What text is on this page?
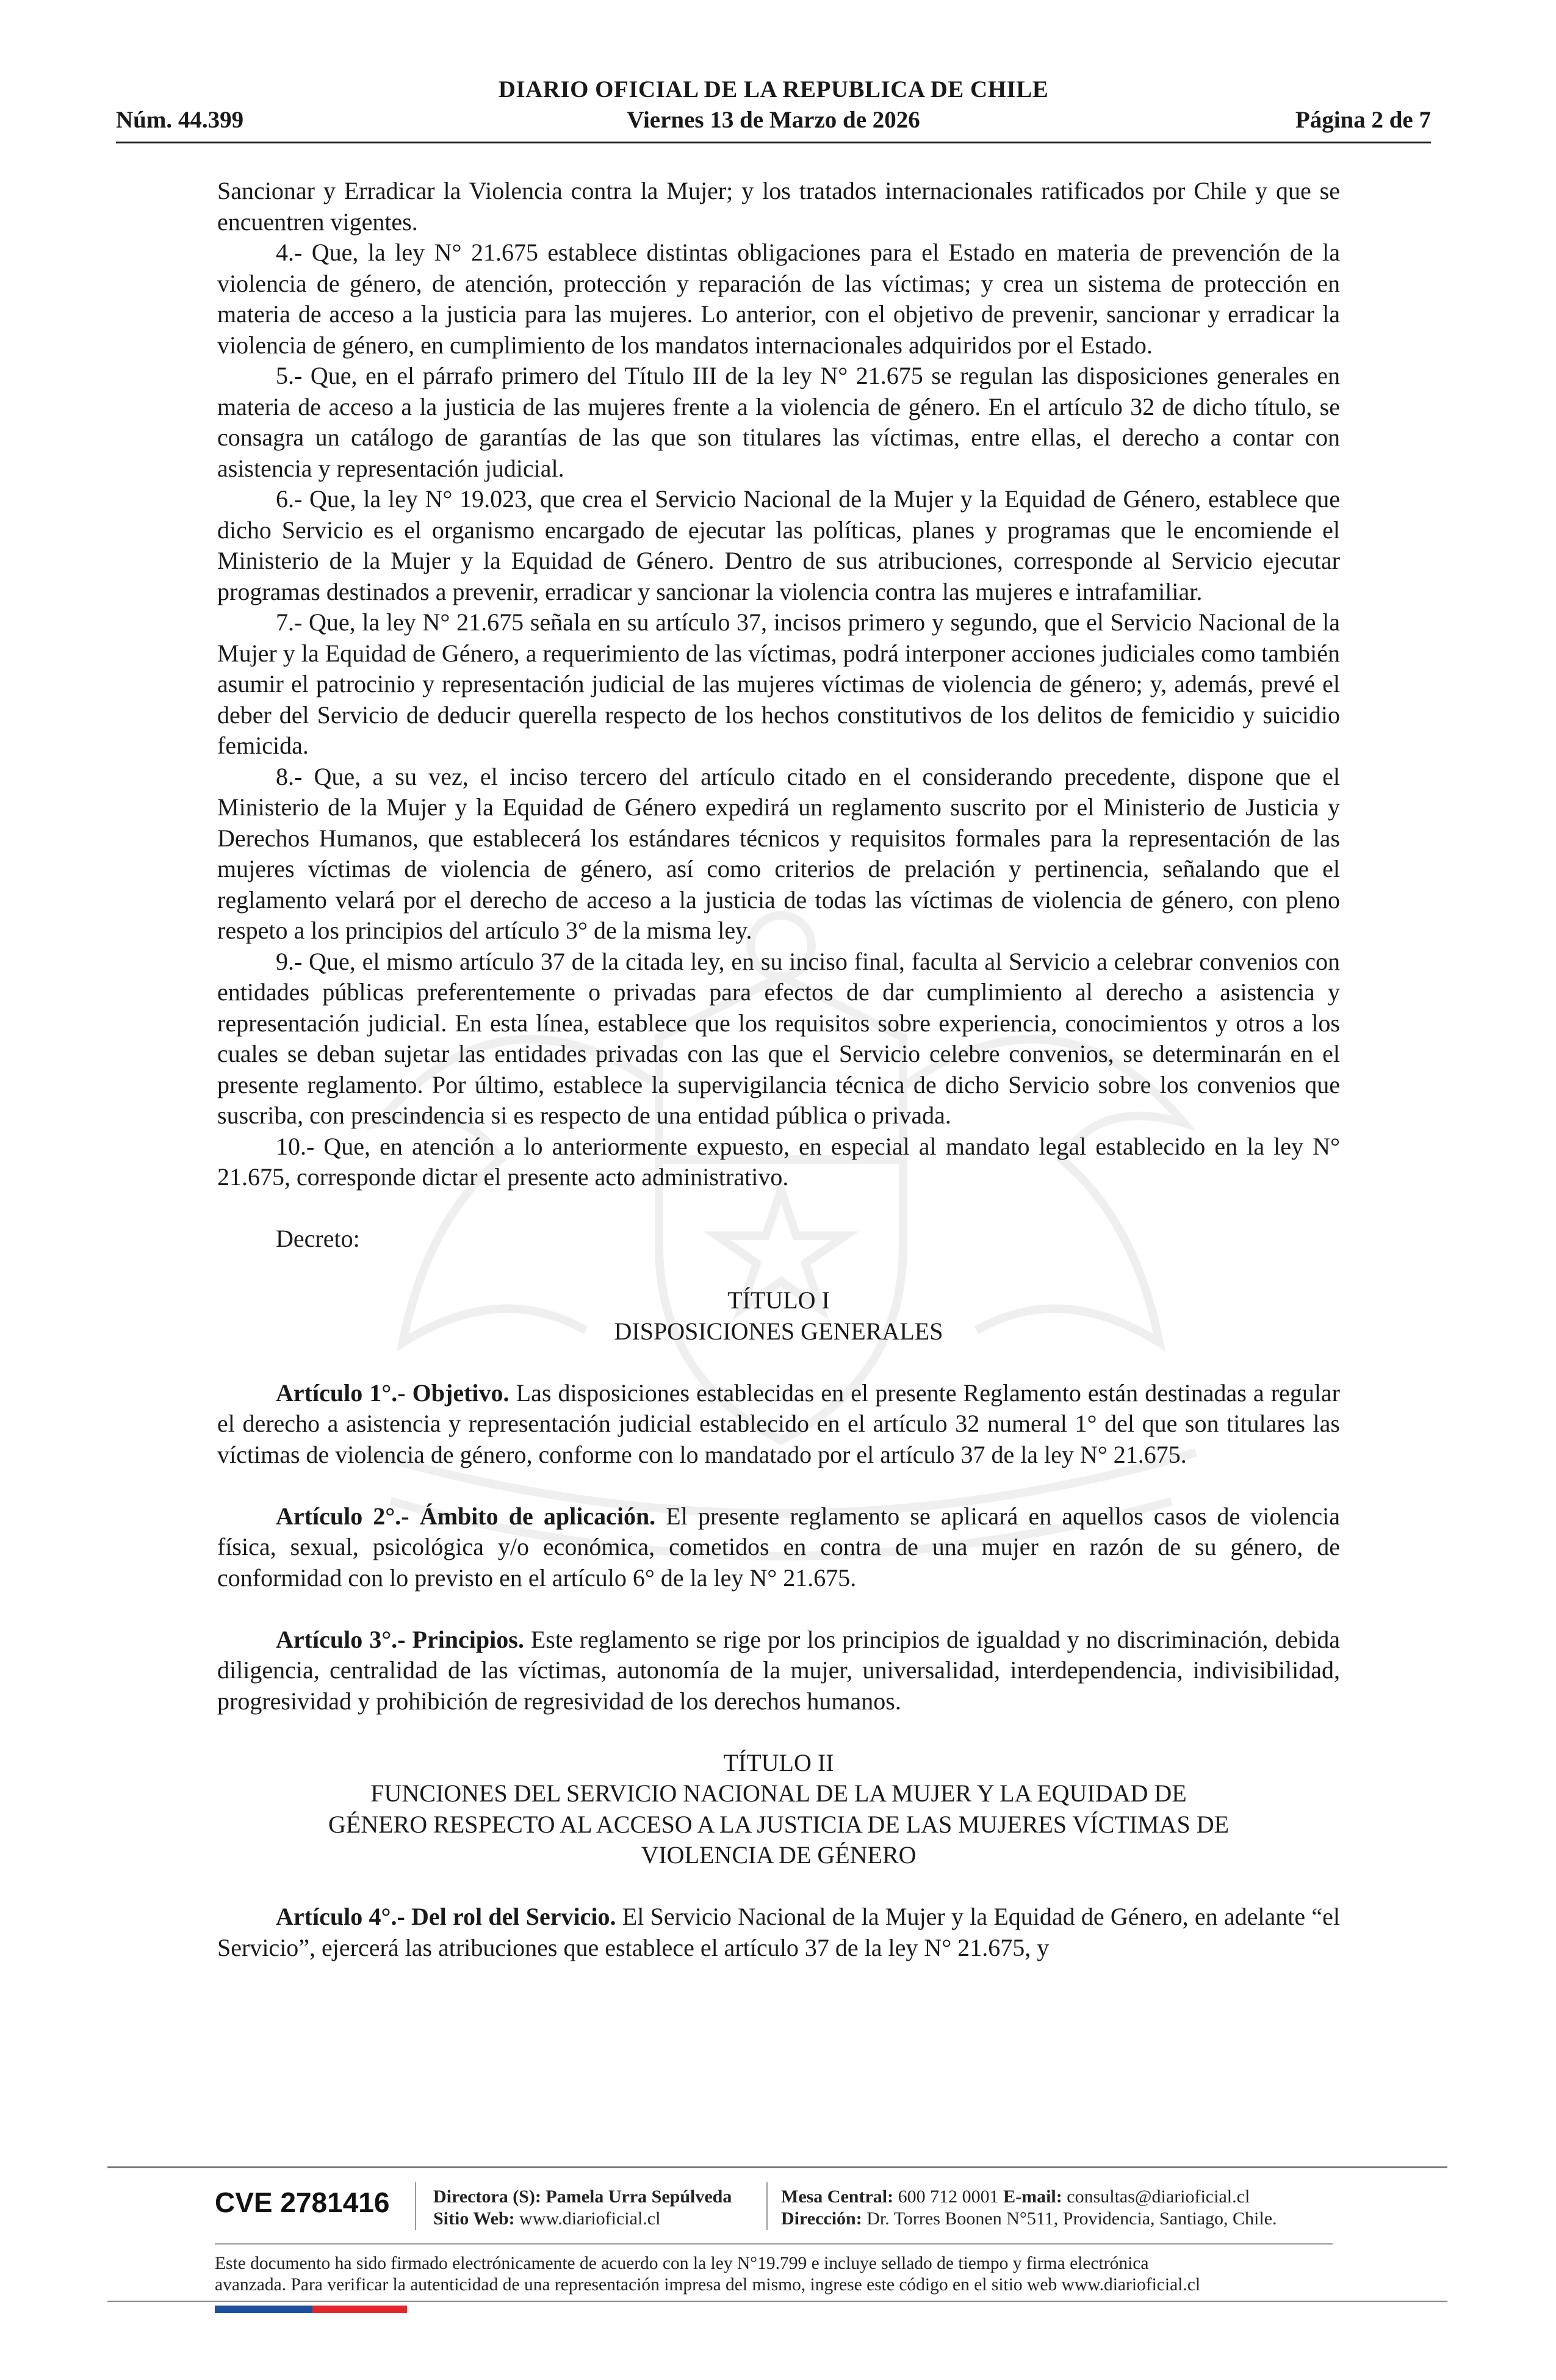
DIARIO OFICIAL DE LA REPUBLICA DE CHILE
Núm. 44.399	Viernes 13 de Marzo de 2026	Página 2 de 7

Sancionar y Erradicar la Violencia contra la Mujer; y los tratados internacionales ratificados por Chile y que se encuentren vigentes.

4.- Que, la ley N° 21.675 establece distintas obligaciones para el Estado en materia de prevención de la violencia de género, de atención, protección y reparación de las víctimas; y crea un sistema de protección en materia de acceso a la justicia para las mujeres. Lo anterior, con el objetivo de prevenir, sancionar y erradicar la violencia de género, en cumplimiento de los mandatos internacionales adquiridos por el Estado.

5.- Que, en el párrafo primero del Título III de la ley N° 21.675 se regulan las disposiciones generales en materia de acceso a la justicia de las mujeres frente a la violencia de género. En el artículo 32 de dicho título, se consagra un catálogo de garantías de las que son titulares las víctimas, entre ellas, el derecho a contar con asistencia y representación judicial.

6.- Que, la ley N° 19.023, que crea el Servicio Nacional de la Mujer y la Equidad de Género, establece que dicho Servicio es el organismo encargado de ejecutar las políticas, planes y programas que le encomiende el Ministerio de la Mujer y la Equidad de Género. Dentro de sus atribuciones, corresponde al Servicio ejecutar programas destinados a prevenir, erradicar y sancionar la violencia contra las mujeres e intrafamiliar.

7.- Que, la ley N° 21.675 señala en su artículo 37, incisos primero y segundo, que el Servicio Nacional de la Mujer y la Equidad de Género, a requerimiento de las víctimas, podrá interponer acciones judiciales como también asumir el patrocinio y representación judicial de las mujeres víctimas de violencia de género; y, además, prevé el deber del Servicio de deducir querella respecto de los hechos constitutivos de los delitos de femicidio y suicidio femicida.

8.- Que, a su vez, el inciso tercero del artículo citado en el considerando precedente, dispone que el Ministerio de la Mujer y la Equidad de Género expedirá un reglamento suscrito por el Ministerio de Justicia y Derechos Humanos, que establecerá los estándares técnicos y requisitos formales para la representación de las mujeres víctimas de violencia de género, así como criterios de prelación y pertinencia, señalando que el reglamento velará por el derecho de acceso a la justicia de todas las víctimas de violencia de género, con pleno respeto a los principios del artículo 3° de la misma ley.

9.- Que, el mismo artículo 37 de la citada ley, en su inciso final, faculta al Servicio a celebrar convenios con entidades públicas preferentemente o privadas para efectos de dar cumplimiento al derecho a asistencia y representación judicial. En esta línea, establece que los requisitos sobre experiencia, conocimientos y otros a los cuales se deban sujetar las entidades privadas con las que el Servicio celebre convenios, se determinarán en el presente reglamento. Por último, establece la supervigilancia técnica de dicho Servicio sobre los convenios que suscriba, con prescindencia si es respecto de una entidad pública o privada.

10.- Que, en atención a lo anteriormente expuesto, en especial al mandato legal establecido en la ley N° 21.675, corresponde dictar el presente acto administrativo.

Decreto:

TÍTULO I
DISPOSICIONES GENERALES

Artículo 1°.- Objetivo. Las disposiciones establecidas en el presente Reglamento están destinadas a regular el derecho a asistencia y representación judicial establecido en el artículo 32 numeral 1° del que son titulares las víctimas de violencia de género, conforme con lo mandatado por el artículo 37 de la ley N° 21.675.

Artículo 2°.- Ámbito de aplicación. El presente reglamento se aplicará en aquellos casos de violencia física, sexual, psicológica y/o económica, cometidos en contra de una mujer en razón de su género, de conformidad con lo previsto en el artículo 6° de la ley N° 21.675.

Artículo 3°.- Principios. Este reglamento se rige por los principios de igualdad y no discriminación, debida diligencia, centralidad de las víctimas, autonomía de la mujer, universalidad, interdependencia, indivisibilidad, progresividad y prohibición de regresividad de los derechos humanos.

TÍTULO II
FUNCIONES DEL SERVICIO NACIONAL DE LA MUJER Y LA EQUIDAD DE
GÉNERO RESPECTO AL ACCESO A LA JUSTICIA DE LAS MUJERES VÍCTIMAS DE
VIOLENCIA DE GÉNERO

Artículo 4°.- Del rol del Servicio. El Servicio Nacional de la Mujer y la Equidad de Género, en adelante “el Servicio”, ejercerá las atribuciones que establece el artículo 37 de la ley N° 21.675, y

CVE 2781416 Directora (S): Pamela Urra Sepúlveda
Sitio Web: www.diarioficial.cl
Mesa Central: 600 712 0001 E-mail: consultas@diarioficial.cl
Dirección: Dr. Torres Boonen N°511, Providencia, Santiago, Chile.
Este documento ha sido firmado electrónicamente de acuerdo con la ley N°19.799 e incluye sellado de tiempo y firma electrónica
avanzada. Para verificar la autenticidad de una representación impresa del mismo, ingrese este código en el sitio web www.diarioficial.cl
